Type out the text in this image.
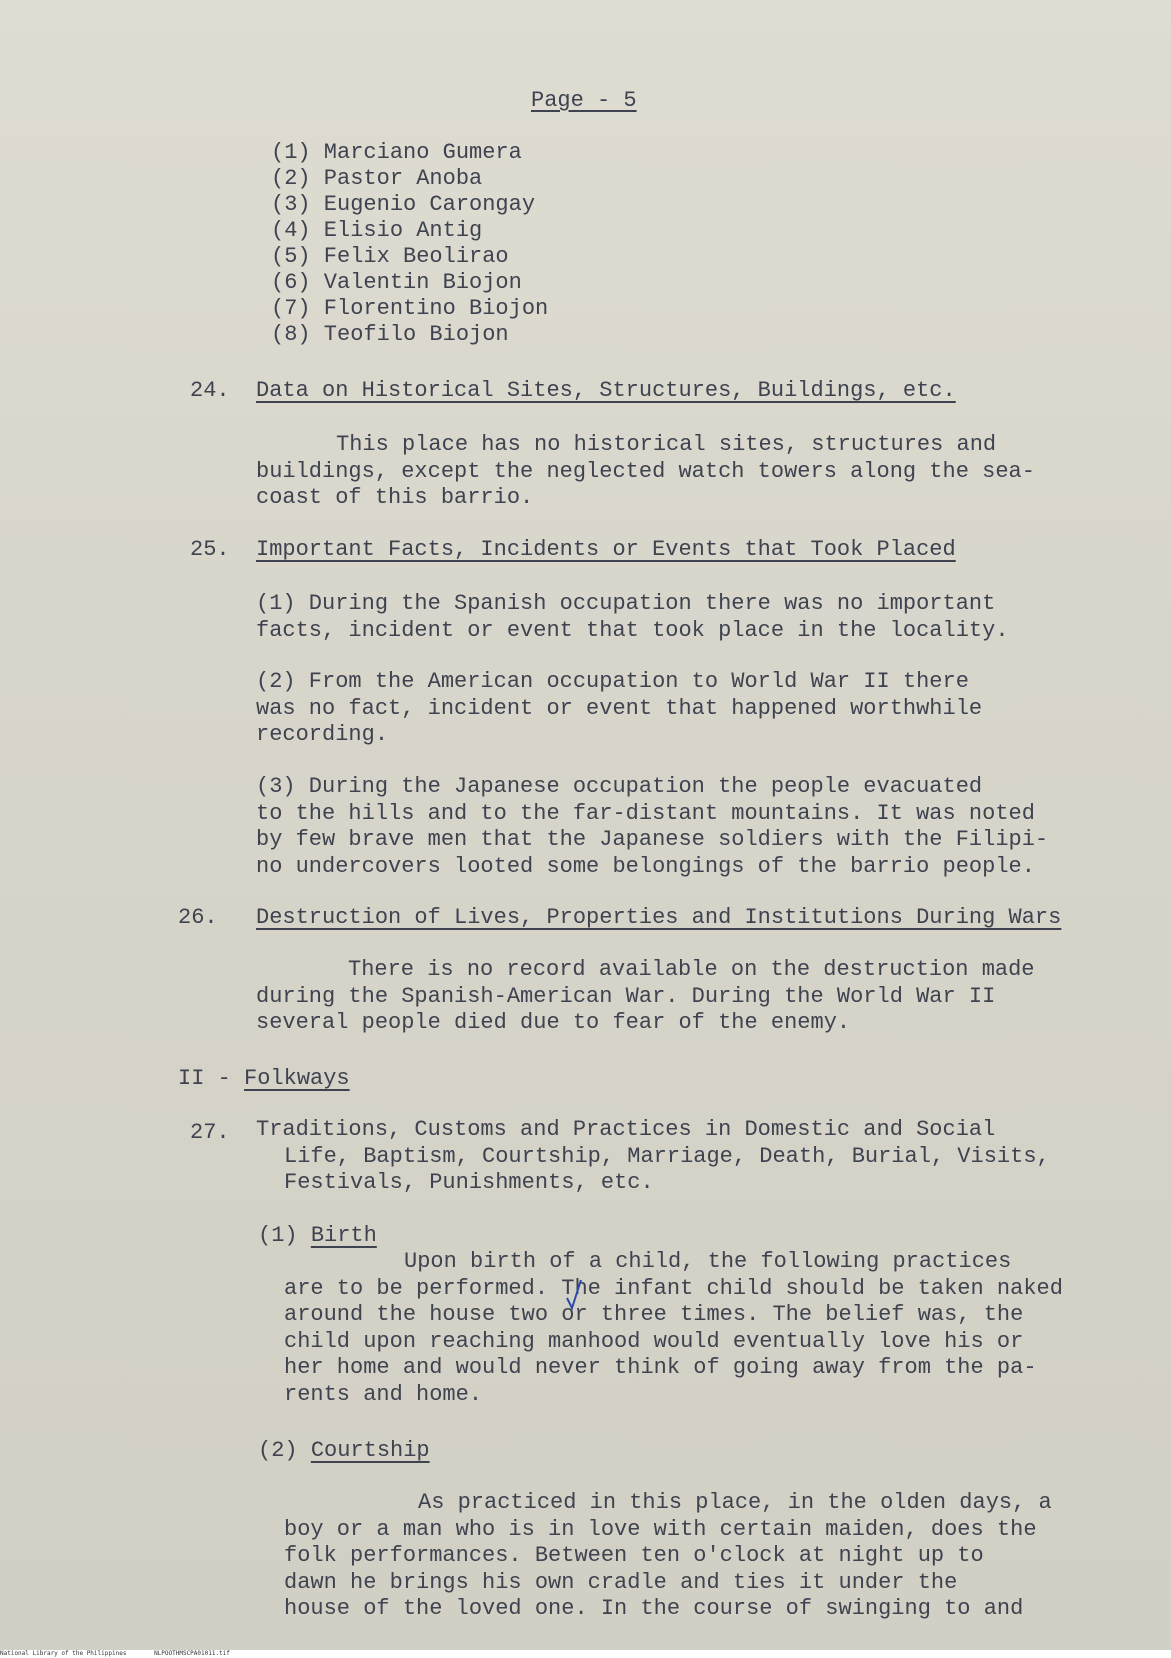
Page - 5
(1) Marciano Gumera
(2) Pastor Anoba
(3) Eugenio Carongay
(4) Elisio Antig
(5) Felix Beolirao
(6) Valentin Biojon
(7) Florentino Biojon
(8) Teofilo Biojon
24. Data on Historical Sites, Structures, Buildings, etc.
This place has no historical sites, structures and
buildings, except the neglected watch towers along the sea-
coast of this barrio.
25. Important Facts, Incidents or Events that Took Placed
(1) During the Spanish occupation there was no important
facts, incident or event that took place in the locality.
(2) From the American occupation to World War II there
was no fact, incident or event that happened worthwhile
recording.
(3) During the Japanese occupation the people evacuated
to the hills and to the far-distant mountains. It was noted
by few brave men that the Japanese soldiers with the Filipi-
no undercovers looted some belongings of the barrio people.
26. Destruction of Lives, Properties and Institutions During Wars
There is no record available on the destruction made
during the Spanish-American War. During the World War II
several people died due to fear of the enemy.
II - Folkways
27. Traditions, Customs and Practices in Domestic and Social
Life, Baptism, Courtship, Marriage, Death, Burial, Visits,
Festivals, Punishments, etc.
(1) Birth
Upon birth of a child, the following practices
are to be performed. The infant child should be taken naked
around the house two or three times. The belief was, the
child upon reaching manhood would eventually love his or
her home and would never think of going away from the pa-
rents and home.
(2) Courtship
As practiced in this place, in the olden days, a
boy or a man who is in love with certain maiden, does the
folk performances. Between ten o'clock at night up to
dawn he brings his own cradle and ties it under the
house of the loved one. In the course of swinging to and
National Library of the Philippines	NLPOOTHMSCPA01011.tif
